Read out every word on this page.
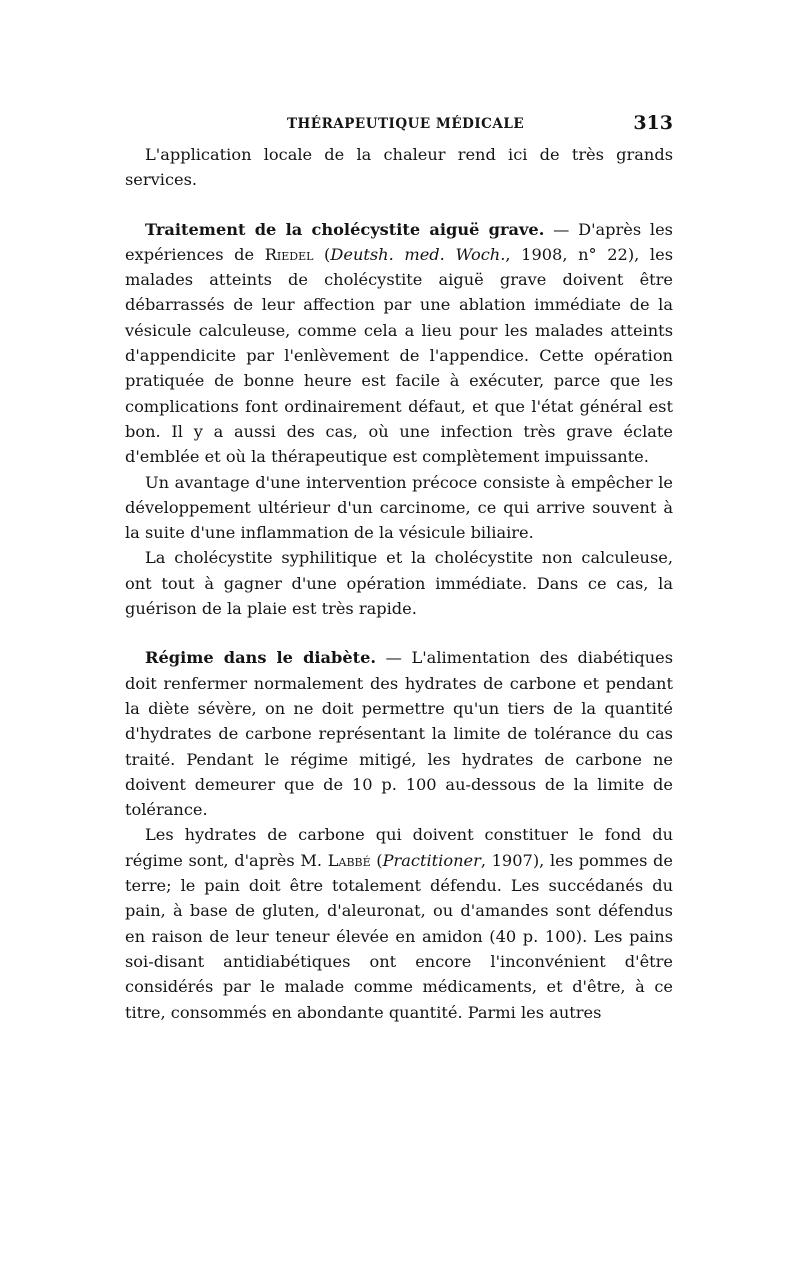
THÉRAPEUTIQUE MÉDICALE	313

L'application locale de la chaleur rend ici de très grands services.

Traitement de la cholécystite aiguë grave. — D'après les expériences de Riedel (Deutsh. med. Woch., 1908, n° 22), les malades atteints de cholécystite aiguë grave doivent être débarrassés de leur affection par une ablation immédiate de la vésicule calculeuse, comme cela a lieu pour les malades atteints d'appendicite par l'enlèvement de l'appendice. Cette opération pratiquée de bonne heure est facile à exécuter, parce que les complications font ordinairement défaut, et que l'état général est bon. Il y a aussi des cas, où une infection très grave éclate d'emblée et où la thérapeutique est complètement impuissante.

Un avantage d'une intervention précoce consiste à empêcher le développement ultérieur d'un carcinome, ce qui arrive souvent à la suite d'une inflammation de la vésicule biliaire.

La cholécystite syphilitique et la cholécystite non calculeuse, ont tout à gagner d'une opération immédiate. Dans ce cas, la guérison de la plaie est très rapide.

Régime dans le diabète. — L'alimentation des diabétiques doit renfermer normalement des hydrates de carbone et pendant la diète sévère, on ne doit permettre qu'un tiers de la quantité d'hydrates de carbone représentant la limite de tolérance du cas traité. Pendant le régime mitigé, les hydrates de carbone ne doivent demeurer que de 10 p. 100 au-dessous de la limite de tolérance.

Les hydrates de carbone qui doivent constituer le fond du régime sont, d'après M. Labbé (Practitioner, 1907), les pommes de terre; le pain doit être totalement défendu. Les succédanés du pain, à base de gluten, d'aleuronat, ou d'amandes sont défendus en raison de leur teneur élevée en amidon (40 p. 100). Les pains soi-disant antidiabétiques ont encore l'inconvénient d'être considérés par le malade comme médicaments, et d'être, à ce titre, consommés en abondante quantité. Parmi les autres
